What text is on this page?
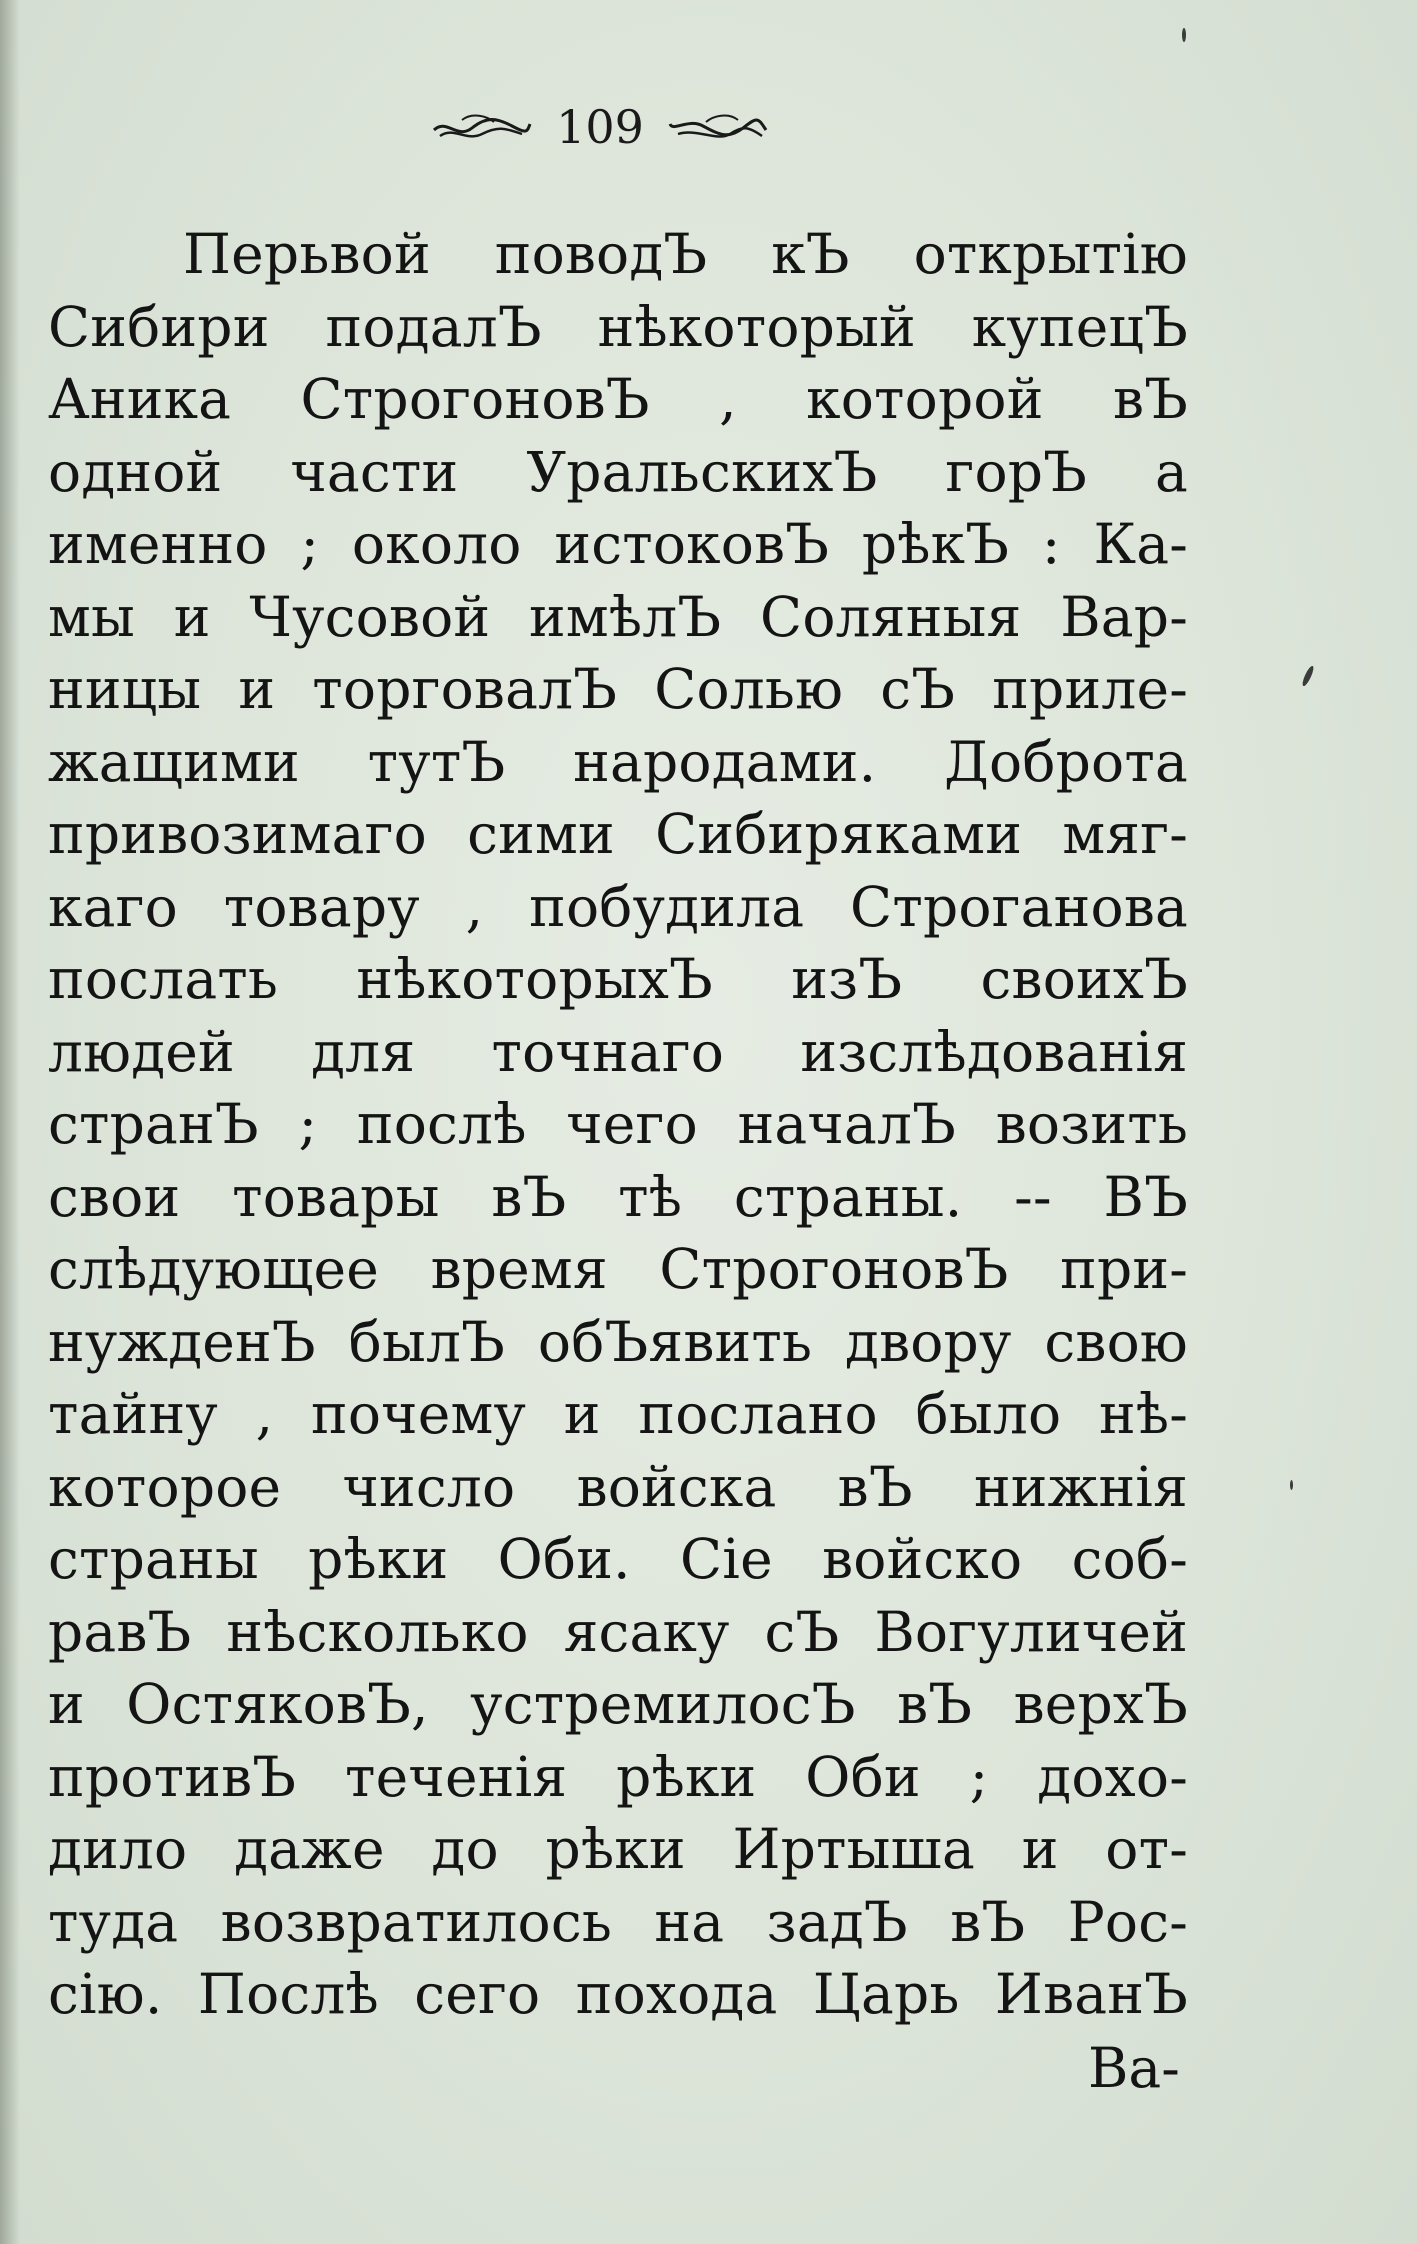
109
Перьвой поводЪ кЪ открытію
Сибири подалЪ нѣкоторый купецЪ
Аника СтрогоновЪ , которой вЪ
одной части УральскихЪ горЪ а
именно ; около истоковЪ рѣкЪ : Ка-
мы и Чусовой имѣлЪ Соляныя Вар-
ницы и торговалЪ Солью сЪ приле-
жащими тутЪ народами. Доброта
привозимаго сими Сибиряками мяг-
каго товару , побудила Строганова
послать нѣкоторыхЪ изЪ своихЪ
людей для точнаго изслѣдованія
странЪ ; послѣ чего началЪ возить
свои товары вЪ тѣ страны. -- ВЪ
слѣдующее время СтрогоновЪ при-
нужденЪ былЪ обЪявить двору свою
тайну , почему и послано было нѣ-
которое число войска вЪ нижнія
страны рѣки Оби. Сіе войско соб-
равЪ нѣсколько ясаку сЪ Вогуличей
и ОстяковЪ, устремилосЪ вЪ верхЪ
противЪ теченія рѣки Оби ; дохо-
дило даже до рѣки Иртыша и от-
туда возвратилось на задЪ вЪ Рос-
сію. Послѣ сего похода Царь ИванЪ
Ва-
